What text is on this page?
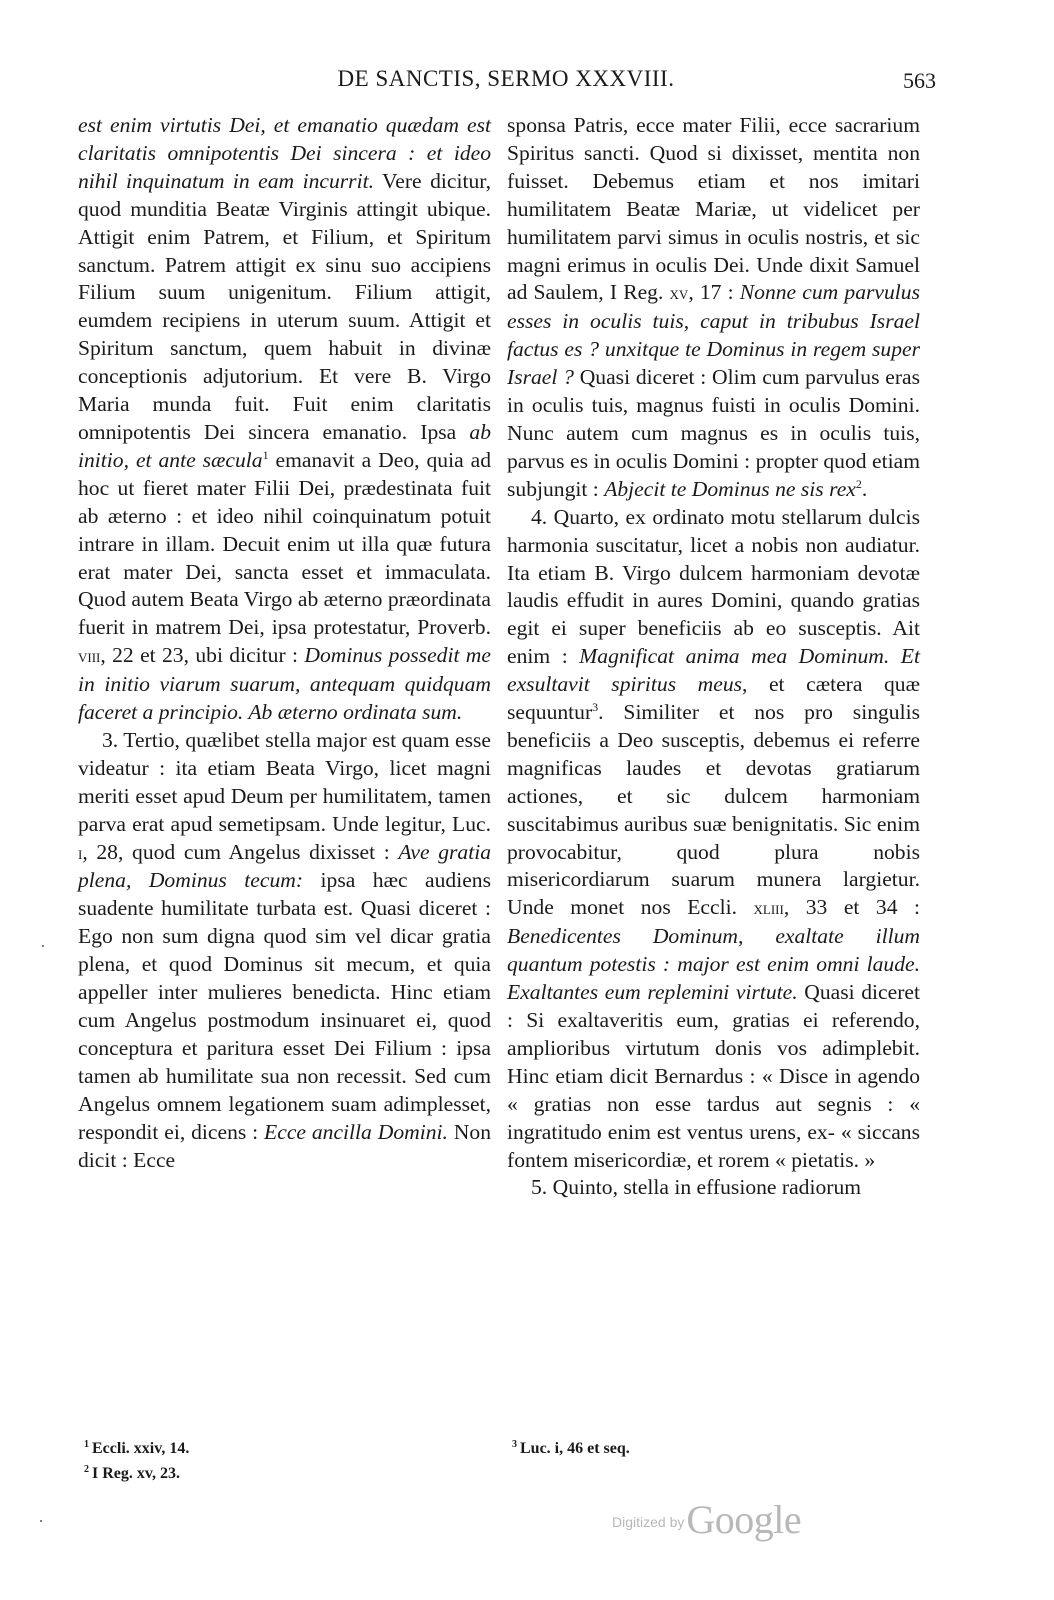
DE SANCTIS, SERMO XXXVIII.	563

est enim virtutis Dei, et emanatio quædam est claritatis omnipotentis Dei sincera : et ideo nihil inquinatum in eam incurrit. Vere dicitur, quod munditia Beatæ Virginis attingit ubique. Attigit enim Patrem, et Filium, et Spiritum sanctum. Patrem attigit ex sinu suo accipiens Filium suum unigenitum. Filium attigit, eumdem recipiens in uterum suum. Attigit et Spiritum sanctum, quem habuit in divinæ conceptionis adjutorium. Et vere B. Virgo Maria munda fuit. Fuit enim claritatis omnipotentis Dei sincera emanatio. Ipsa ab initio, et ante sæcula$^1$ emanavit a Deo, quia ad hoc ut fieret mater Filii Dei, prædestinata fuit ab æterno : et ideo nihil coinquinatum potuit intrare in illam. Decuit enim ut illa quæ futura erat mater Dei, sancta esset et immaculata. Quod autem Beata Virgo ab æterno præordinata fuerit in matrem Dei, ipsa protestatur, Proverb. viii, 22 et 23, ubi dicitur : Dominus possedit me in initio viarum suarum, antequam quidquam faceret a principio. Ab æterno ordinata sum.

3. Tertio, quælibet stella major est quam esse videatur : ita etiam Beata Virgo, licet magni meriti esset apud Deum per humilitatem, tamen parva erat apud semetipsam. Unde legitur, Luc. i, 28, quod cum Angelus dixisset : Ave gratia plena, Dominus tecum: ipsa hæc audiens suadente humilitate turbata est. Quasi diceret : Ego non sum digna quod sim vel dicar gratia plena, et quod Dominus sit mecum, et quia appeller inter mulieres benedicta. Hinc etiam cum Angelus postmodum insinuaret ei, quod conceptura et paritura esset Dei Filium : ipsa tamen ab humilitate sua non recessit. Sed cum Angelus omnem legationem suam adimplesset, respondit ei, dicens : Ecce ancilla Domini. Non dicit : Ecce

sponsa Patris, ecce mater Filii, ecce sacrarium Spiritus sancti. Quod si dixisset, mentita non fuisset. Debemus etiam et nos imitari humilitatem Beatæ Mariæ, ut videlicet per humilitatem parvi simus in oculis nostris, et sic magni erimus in oculis Dei. Unde dixit Samuel ad Saulem, I Reg. xv, 17 : Nonne cum parvulus esses in oculis tuis, caput in tribubus Israel factus es ? unxitque te Dominus in regem super Israel ? Quasi diceret : Olim cum parvulus eras in oculis tuis, magnus fuisti in oculis Domini. Nunc autem cum magnus es in oculis tuis, parvus es in oculis Domini : propter quod etiam subjungit : Abjecit te Dominus ne sis rex$^2$.

4. Quarto, ex ordinato motu stellarum dulcis harmonia suscitatur, licet a nobis non audiatur. Ita etiam B. Virgo dulcem harmoniam devotæ laudis effudit in aures Domini, quando gratias egit ei super beneficiis ab eo susceptis. Ait enim : Magnificat anima mea Dominum. Et exsultavit spiritus meus, et cætera quæ sequuntur$^3$. Similiter et nos pro singulis beneficiis a Deo susceptis, debemus ei referre magnificas laudes et devotas gratiarum actiones, et sic dulcem harmoniam suscitabimus auribus suæ benignitatis. Sic enim provocabitur, quod plura nobis misericordiarum suarum munera largietur. Unde monet nos Eccli. xliii, 33 et 34 : Benedicentes Dominum, exaltate illum quantum potestis : major est enim omni laude. Exaltantes eum replemini virtute. Quasi diceret : Si exaltaveritis eum, gratias ei referendo, amplioribus virtutum donis vos adimplebit. Hinc etiam dicit Bernardus : « Disce in agendo « gratias non esse tardus aut segnis : « ingratitudo enim est ventus urens, ex- « siccans fontem misericordiæ, et rorem « pietatis. »

5. Quinto, stella in effusione radiorum

$^1$ Eccli. xxiv, 14.
$^2$ I Reg. xv, 23.
$^3$ Luc. i, 46 et seq.
Digitized byGoogle
